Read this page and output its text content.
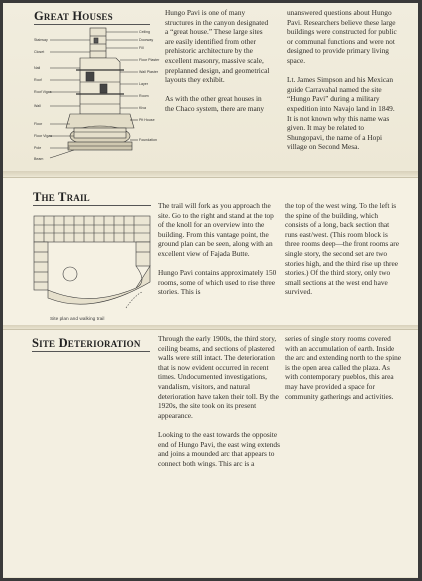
Great Houses
Stairway
Closet
Nail
Roof
Roof Vigas
Wall
Floor
Floor Vigas
Pole
Beam
Ceiling
Doorway
Fill
Floor Plaster
Wall Plaster
Layer
Room
Kiva
Pit House
Foundation

Hungo Pavi is one of many structures in the canyon designated a “great house.” These large sites are easily identified from other prehistoric architecture by the excellent masonry, massive scale, preplanned design, and geometrical layouts they exhibit.

As with the other great houses in the Chaco system, there are many

unanswered questions about Hungo Pavi. Researchers believe these large buildings were constructed for public or communal functions and were not designed to provide primary living space.

Lt. James Simpson and his Mexican guide Carravahal named the site “Hungo Pavi” during a military expedition into Navajo land in 1849. It is not known why this name was given. It may be related to Shungopavi, the name of a Hopi village on Second Mesa.

The Trail
Site plan and walking trail

The trail will fork as you approach the site. Go to the right and stand at the top of the knoll for an overview into the building. From this vantage point, the ground plan can be seen, along with an excellent view of Fajada Butte.

Hungo Pavi contains approximately 150 rooms, some of which used to rise three stories. This is

the top of the west wing. To the left is the spine of the building, which consists of a long, back section that runs east/west. (This room block is three rooms deep—the front rooms are single story, the second set are two stories high, and the third rise up three stories.) Of the third story, only two small sections at the west end have survived.

Site Deterioration Through the early 1900s, the third story, ceiling beams, and sections of plastered walls were still intact. The deterioration that is now evident occurred in recent times. Undocumented investigations, vandalism, visitors, and natural deterioration have taken their toll. By the 1920s, the site took on its present appearance.

Looking to the east towards the opposite end of Hungo Pavi, the east wing extends and joins a mounded arc that appears to connect both wings. This arc is a

series of single story rooms covered with an accumulation of earth. Inside the arc and extending north to the spine is the open area called the plaza. As with contemporary pueblos, this area may have provided a space for community gatherings and activities.
